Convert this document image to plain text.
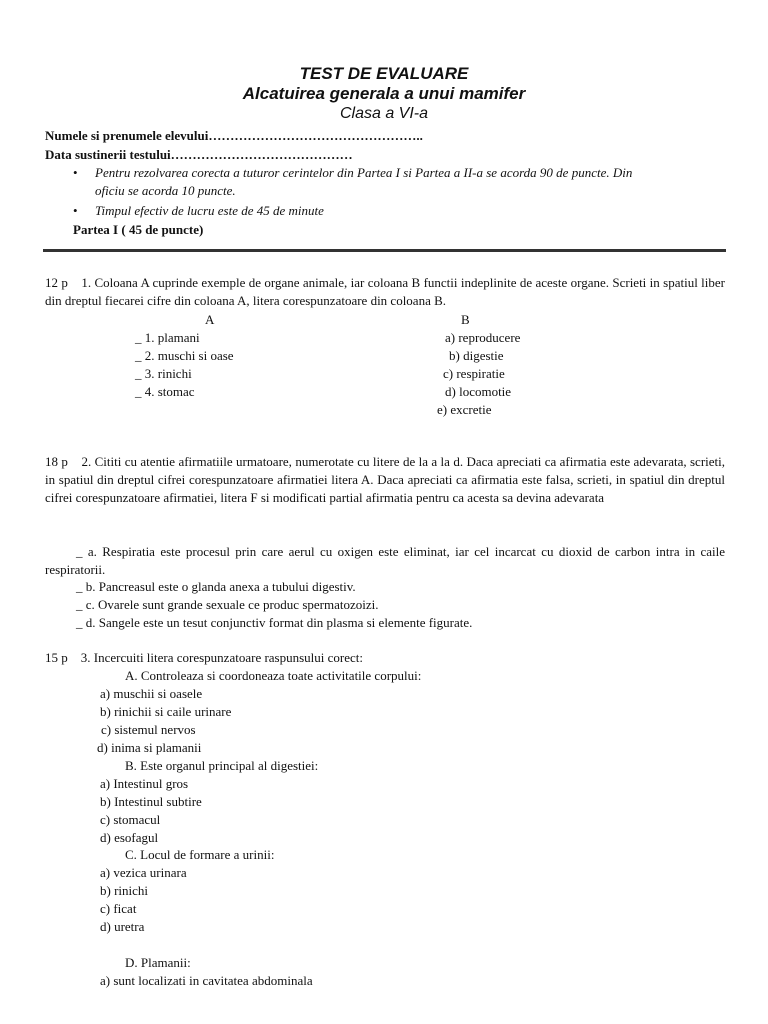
TEST DE EVALUARE
Alcatuirea generala a unui mamifer
Clasa a VI-a
Numele si prenumele elevului…………………………………………..
Data sustinerii testului……………………………………
• Pentru rezolvarea corecta a tuturor cerintelor din Partea I si Partea a II-a se acorda 90 de puncte. Din
oficiu se acorda 10 puncte.
• Timpul efectiv de lucru este de 45 de minute
Partea I ( 45 de puncte)
12 p 1. Coloana A cuprinde exemple de organe animale, iar coloana B functii indeplinite de aceste organe. Scrieti in spatiul liber din dreptul fiecarei cifre din coloana A, litera corespunzatoare din coloana B.
A	B
_ 1. plamani
_ 2. muschi si oase
_ 3. rinichi
_ 4. stomac
a) reproducere
b) digestie
c) respiratie
d) locomotie
e) excretie
18 p 2. Cititi cu atentie afirmatiile urmatoare, numerotate cu litere de la a la d. Daca apreciati ca afirmatia este adevarata, scrieti, in spatiul din dreptul cifrei corespunzatoare afirmatiei litera A. Daca apreciati ca afirmatia este falsa, scrieti, in spatiul din dreptul cifrei corespunzatoare afirmatiei, litera F si modificati partial afirmatia pentru ca acesta sa devina adevarata
_ a. Respiratia este procesul prin care aerul cu oxigen este eliminat, iar cel incarcat cu dioxid de carbon intra in caile respiratorii.
_ b. Pancreasul este o glanda anexa a tubului digestiv.
_ c. Ovarele sunt grande sexuale ce produc spermatozoizi.
_ d. Sangele este un tesut conjunctiv format din plasma si elemente figurate.
15 p 3. Incercuiti litera corespunzatoare raspunsului corect:
A. Controleaza si coordoneaza toate activitatile corpului:
a) muschii si oasele
b) rinichii si caile urinare
c) sistemul nervos
d) inima si plamanii
B. Este organul principal al digestiei:
a) Intestinul gros
b) Intestinul subtire
c) stomacul
d) esofagul
C. Locul de formare a urinii:
a) vezica urinara
b) rinichi
c) ficat
d) uretra
D. Plamanii:
a) sunt localizati in cavitatea abdominala
